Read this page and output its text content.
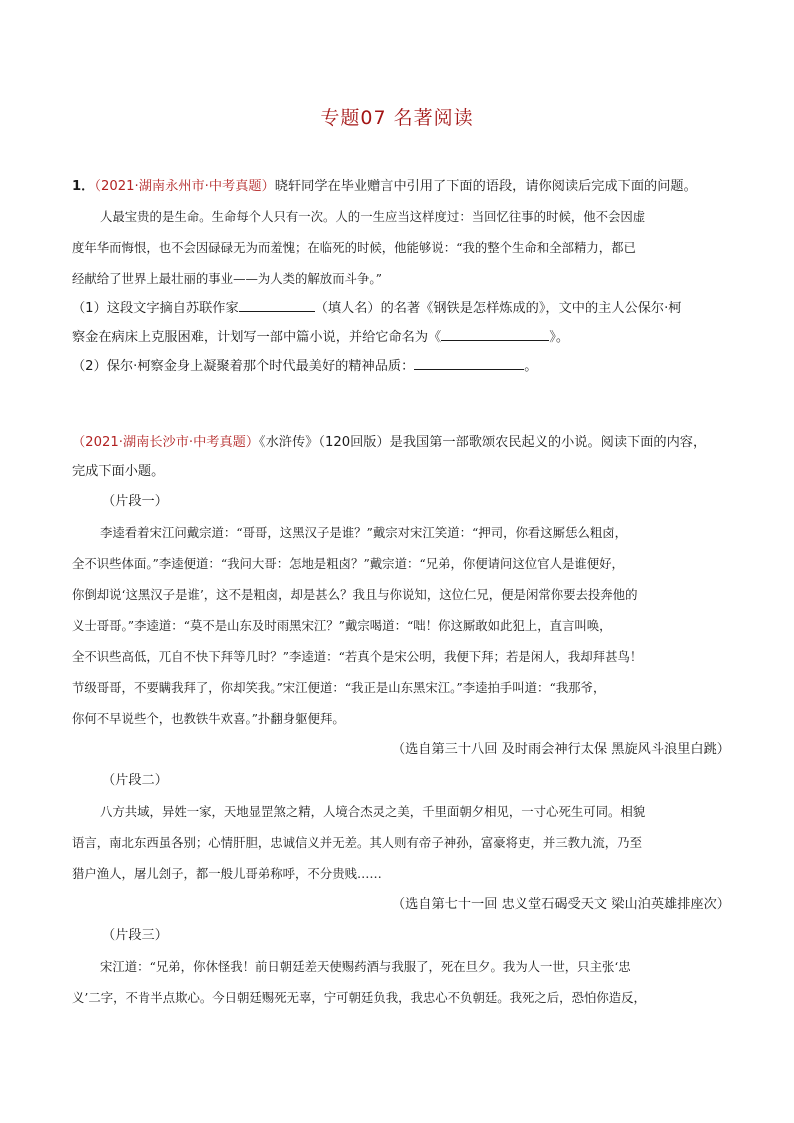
专题07 名著阅读
1．（2021·湖南永州市·中考真题）晓轩同学在毕业赠言中引用了下面的语段，请你阅读后完成下面的问题。
人最宝贵的是生命。生命每个人只有一次。人的一生应当这样度过：当回忆往事的时候，他不会因虚
度年华而悔恨，也不会因碌碌无为而羞愧；在临死的时候，他能够说：“我的整个生命和全部精力，都已
经献给了世界上最壮丽的事业——为人类的解放而斗争。”
（1）这段文字摘自苏联作家	（填人名）的名著《钢铁是怎样炼成的》，文中的主人公保尔·柯
察金在病床上克服困难，计划写一部中篇小说，并给它命名为《	》。
（2）保尔·柯察金身上凝聚着那个时代最美好的精神品质：	。
（2021·湖南长沙市·中考真题）《水浒传》（120回版）是我国第一部歌颂农民起义的小说。阅读下面的内容，
完成下面小题。
（片段一）
李逵看着宋江问戴宗道：“哥哥，这黑汉子是谁？”戴宗对宋江笑道：“押司，你看这厮恁么粗卤，
全不识些体面。”李逵便道：“我问大哥：怎地是粗卤？”戴宗道：“兄弟，你便请问这位官人是谁便好，
你倒却说‘这黑汉子是谁’，这不是粗卤，却是甚么？我且与你说知，这位仁兄，便是闲常你要去投奔他的
义士哥哥。”李逵道：“莫不是山东及时雨黑宋江？”戴宗喝道：“咄！你这厮敢如此犯上，直言叫唤，
全不识些高低，兀自不快下拜等几时？”李逵道：“若真个是宋公明，我便下拜；若是闲人，我却拜甚鸟！
节级哥哥，不要瞒我拜了，你却笑我。”宋江便道：“我正是山东黑宋江。”李逵拍手叫道：“我那爷，
你何不早说些个，也教铁牛欢喜。”扑翻身躯便拜。
（选自第三十八回 及时雨会神行太保 黑旋风斗浪里白跳）
（片段二）
八方共域，异姓一家，天地显罡煞之精，人境合杰灵之美，千里面朝夕相见，一寸心死生可同。相貌
语言，南北东西虽各别；心情肝胆，忠诚信义并无差。其人则有帝子神孙，富豪将吏，并三教九流，乃至
猎户渔人，屠儿刽子，都一般儿哥弟称呼，不分贵贱……
（选自第七十一回 忠义堂石碣受天文 梁山泊英雄排座次）
（片段三）
宋江道：“兄弟，你休怪我！前日朝廷差天使赐药酒与我服了，死在旦夕。我为人一世，只主张‘忠
义’二字，不肯半点欺心。今日朝廷赐死无辜，宁可朝廷负我，我忠心不负朝廷。我死之后，恐怕你造反，
